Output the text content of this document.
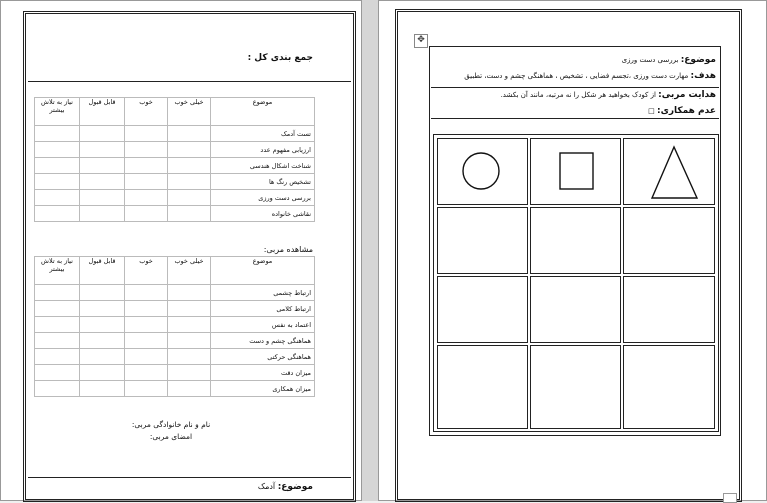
جمع بندی کل :
موضوع	خیلی خوب	خوب	قابل قبول	نیاز به تلاش بیشتر
تست آدمک				
ارزیابی مفهوم عدد				
شناخت اشکال هندسی				
تشخیص رنگ ها				
بررسی دست ورزی				
نقاشی خانواده				
مشاهده مربی:
موضوع	خیلی خوب	خوب	قابل قبول	نیاز به تلاش بیشتر
ارتباط چشمی				
ارتباط کلامی				
اعتماد به نفس				
هماهنگی چشم و دست				
هماهنگی حرکتی				
میزان دقت				
میزان همکاری				
نام و نام خانوادگی مربی:
امضای مربی:
موضوع: آدمک
موضوع: بررسی دست ورزی
هدف: مهارت دست ورزی ،تجسم فضایی ، تشخیص ، هماهنگی چشم و دست، تطبیق
هدایت مربی: از کودک بخواهید هر شکل را نه مرتبه، مانند آن بکشد.
عدم همکاری: □
✥
